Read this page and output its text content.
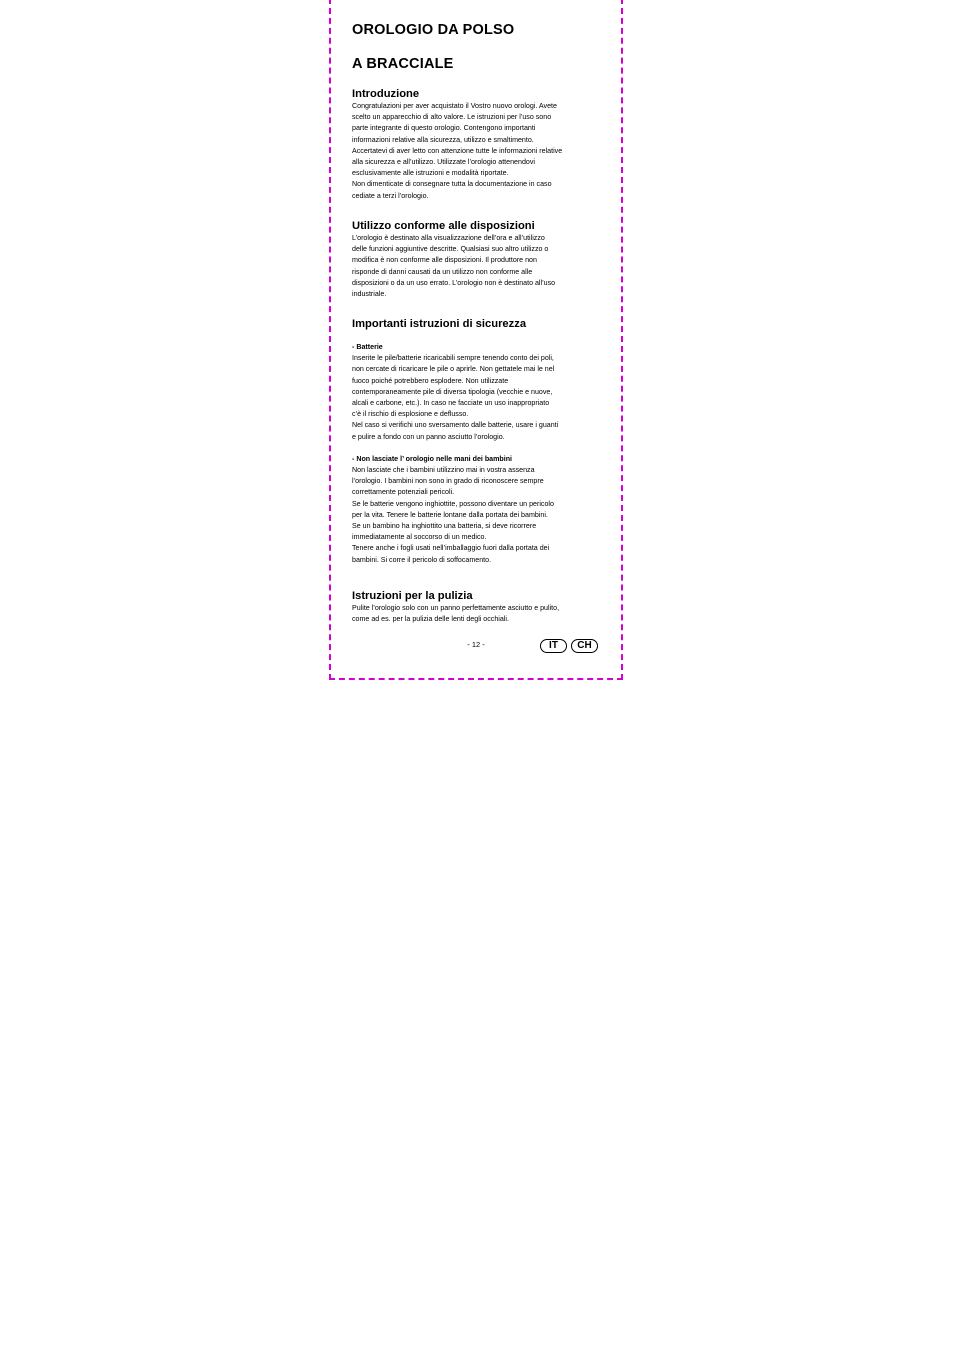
OROLOGIO DA POLSO
A BRACCIALE
Introduzione

Congratulazioni per aver acquistato il Vostro nuovo orologi. Avete
scelto un apparecchio di alto valore. Le istruzioni per l’uso sono
parte integrante di questo orologio. Contengono importanti
informazioni relative alla sicurezza, utilizzo e smaltimento.
Accertatevi di aver letto con attenzione tutte le informazioni relative
alla sicurezza e all’utilizzo. Utilizzate l’orologio attenendovi
esclusivamente alle istruzioni e modalità riportate.
Non dimenticate di consegnare tutta la documentazione in caso
cediate a terzi l’orologio.

Utilizzo conforme alle disposizioni

L’orologio è destinato alla visualizzazione dell’ora e all’utilizzo
delle funzioni aggiuntive descritte. Qualsiasi suo altro utilizzo o
modifica è non conforme alle disposizioni. Il produttore non
risponde di danni causati da un utilizzo non conforme alle
disposizioni o da un uso errato. L’orologio non è destinato all’uso
industriale.

Importanti istruzioni di sicurezza

- Batterie

Inserite le pile/batterie ricaricabili sempre tenendo conto dei poli,
non cercate di ricaricare le pile o aprirle. Non gettatele mai le nel
fuoco poiché potrebbero esplodere. Non utilizzate
contemporaneamente pile di diversa tipologia (vecchie e nuove,
alcali e carbone, etc.). In caso ne facciate un uso inappropriato
c’è il rischio di esplosione e deflusso.
Nel caso si verifichi uno sversamento dalle batterie, usare i guanti
e pulire a fondo con un panno asciutto l’orologio.

- Non lasciate l’ orologio nelle mani dei bambini

Non lasciate che i bambini utilizzino mai in vostra assenza
l’orologio. I bambini non sono in grado di riconoscere sempre
correttamente potenziali pericoli.
Se le batterie vengono inghiottite, possono diventare un pericolo
per la vita. Tenere le batterie lontane dalla portata dei bambini.
Se un bambino ha inghiottito una batteria, si deve ricorrere
immediatamente al soccorso di un medico.
Tenere anche i fogli usati nell’imballaggio fuori dalla portata dei
bambini. Si corre il pericolo di soffocamento.

Istruzioni per la pulizia

Pulite l’orologio solo con un panno perfettamente asciutto e pulito,
come ad es. per la pulizia delle lenti degli occhiali.

- 12 -	IT	CH
